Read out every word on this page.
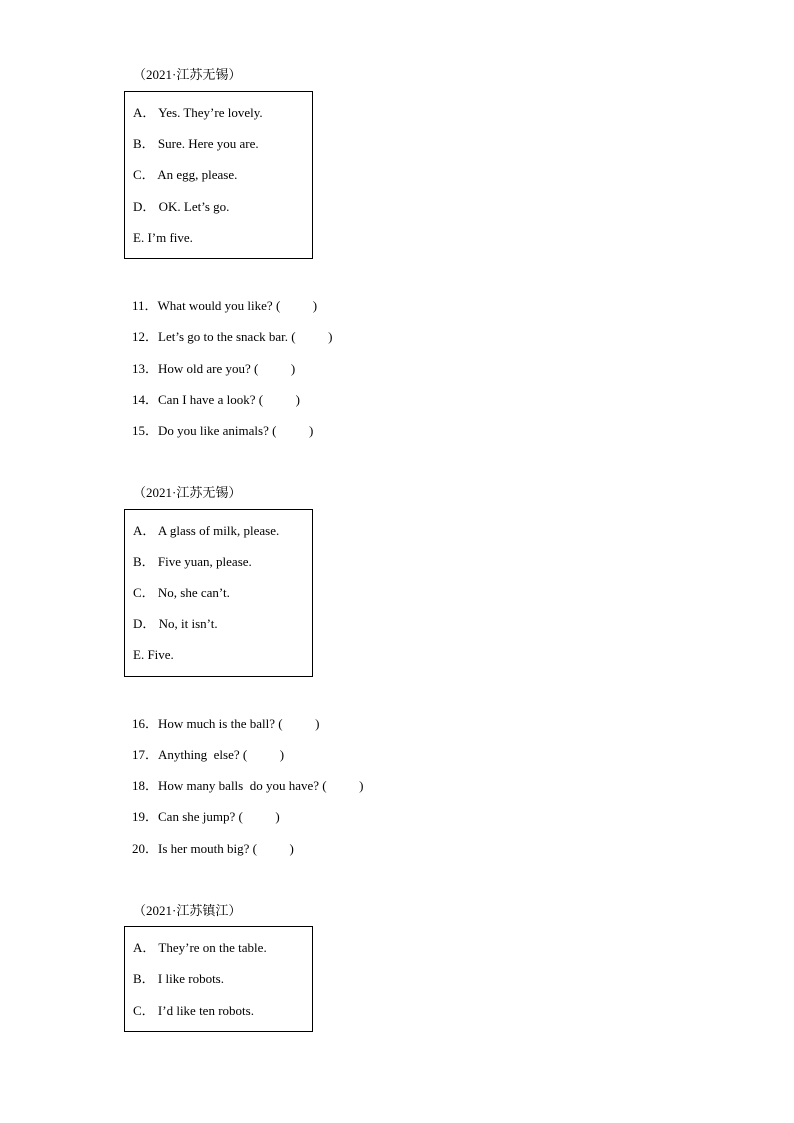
（2021·江苏无锡）
A． Yes. They’re lovely.
B． Sure. Here you are.
C． An egg, please.
D． OK. Let’s go.
E. I’m five.
11．What would you like? (	)
12．Let’s go to the snack bar. (	)
13．How old are you? (	)
14．Can I have a look? (	)
15．Do you like animals? (	)
（2021·江苏无锡）
A． A glass of milk, please.
B． Five yuan, please.
C． No, she can’t.
D． No, it isn’t.
E. Five.
16．How much is the ball? (	)
17．Anything  else? (	)
18．How many balls  do you have? (	)
19．Can she jump? (	)
20．Is her mouth big? (	)
（2021·江苏镇江）
A． They’re on the table.
B． I like robots.
C． I’d like ten robots.
